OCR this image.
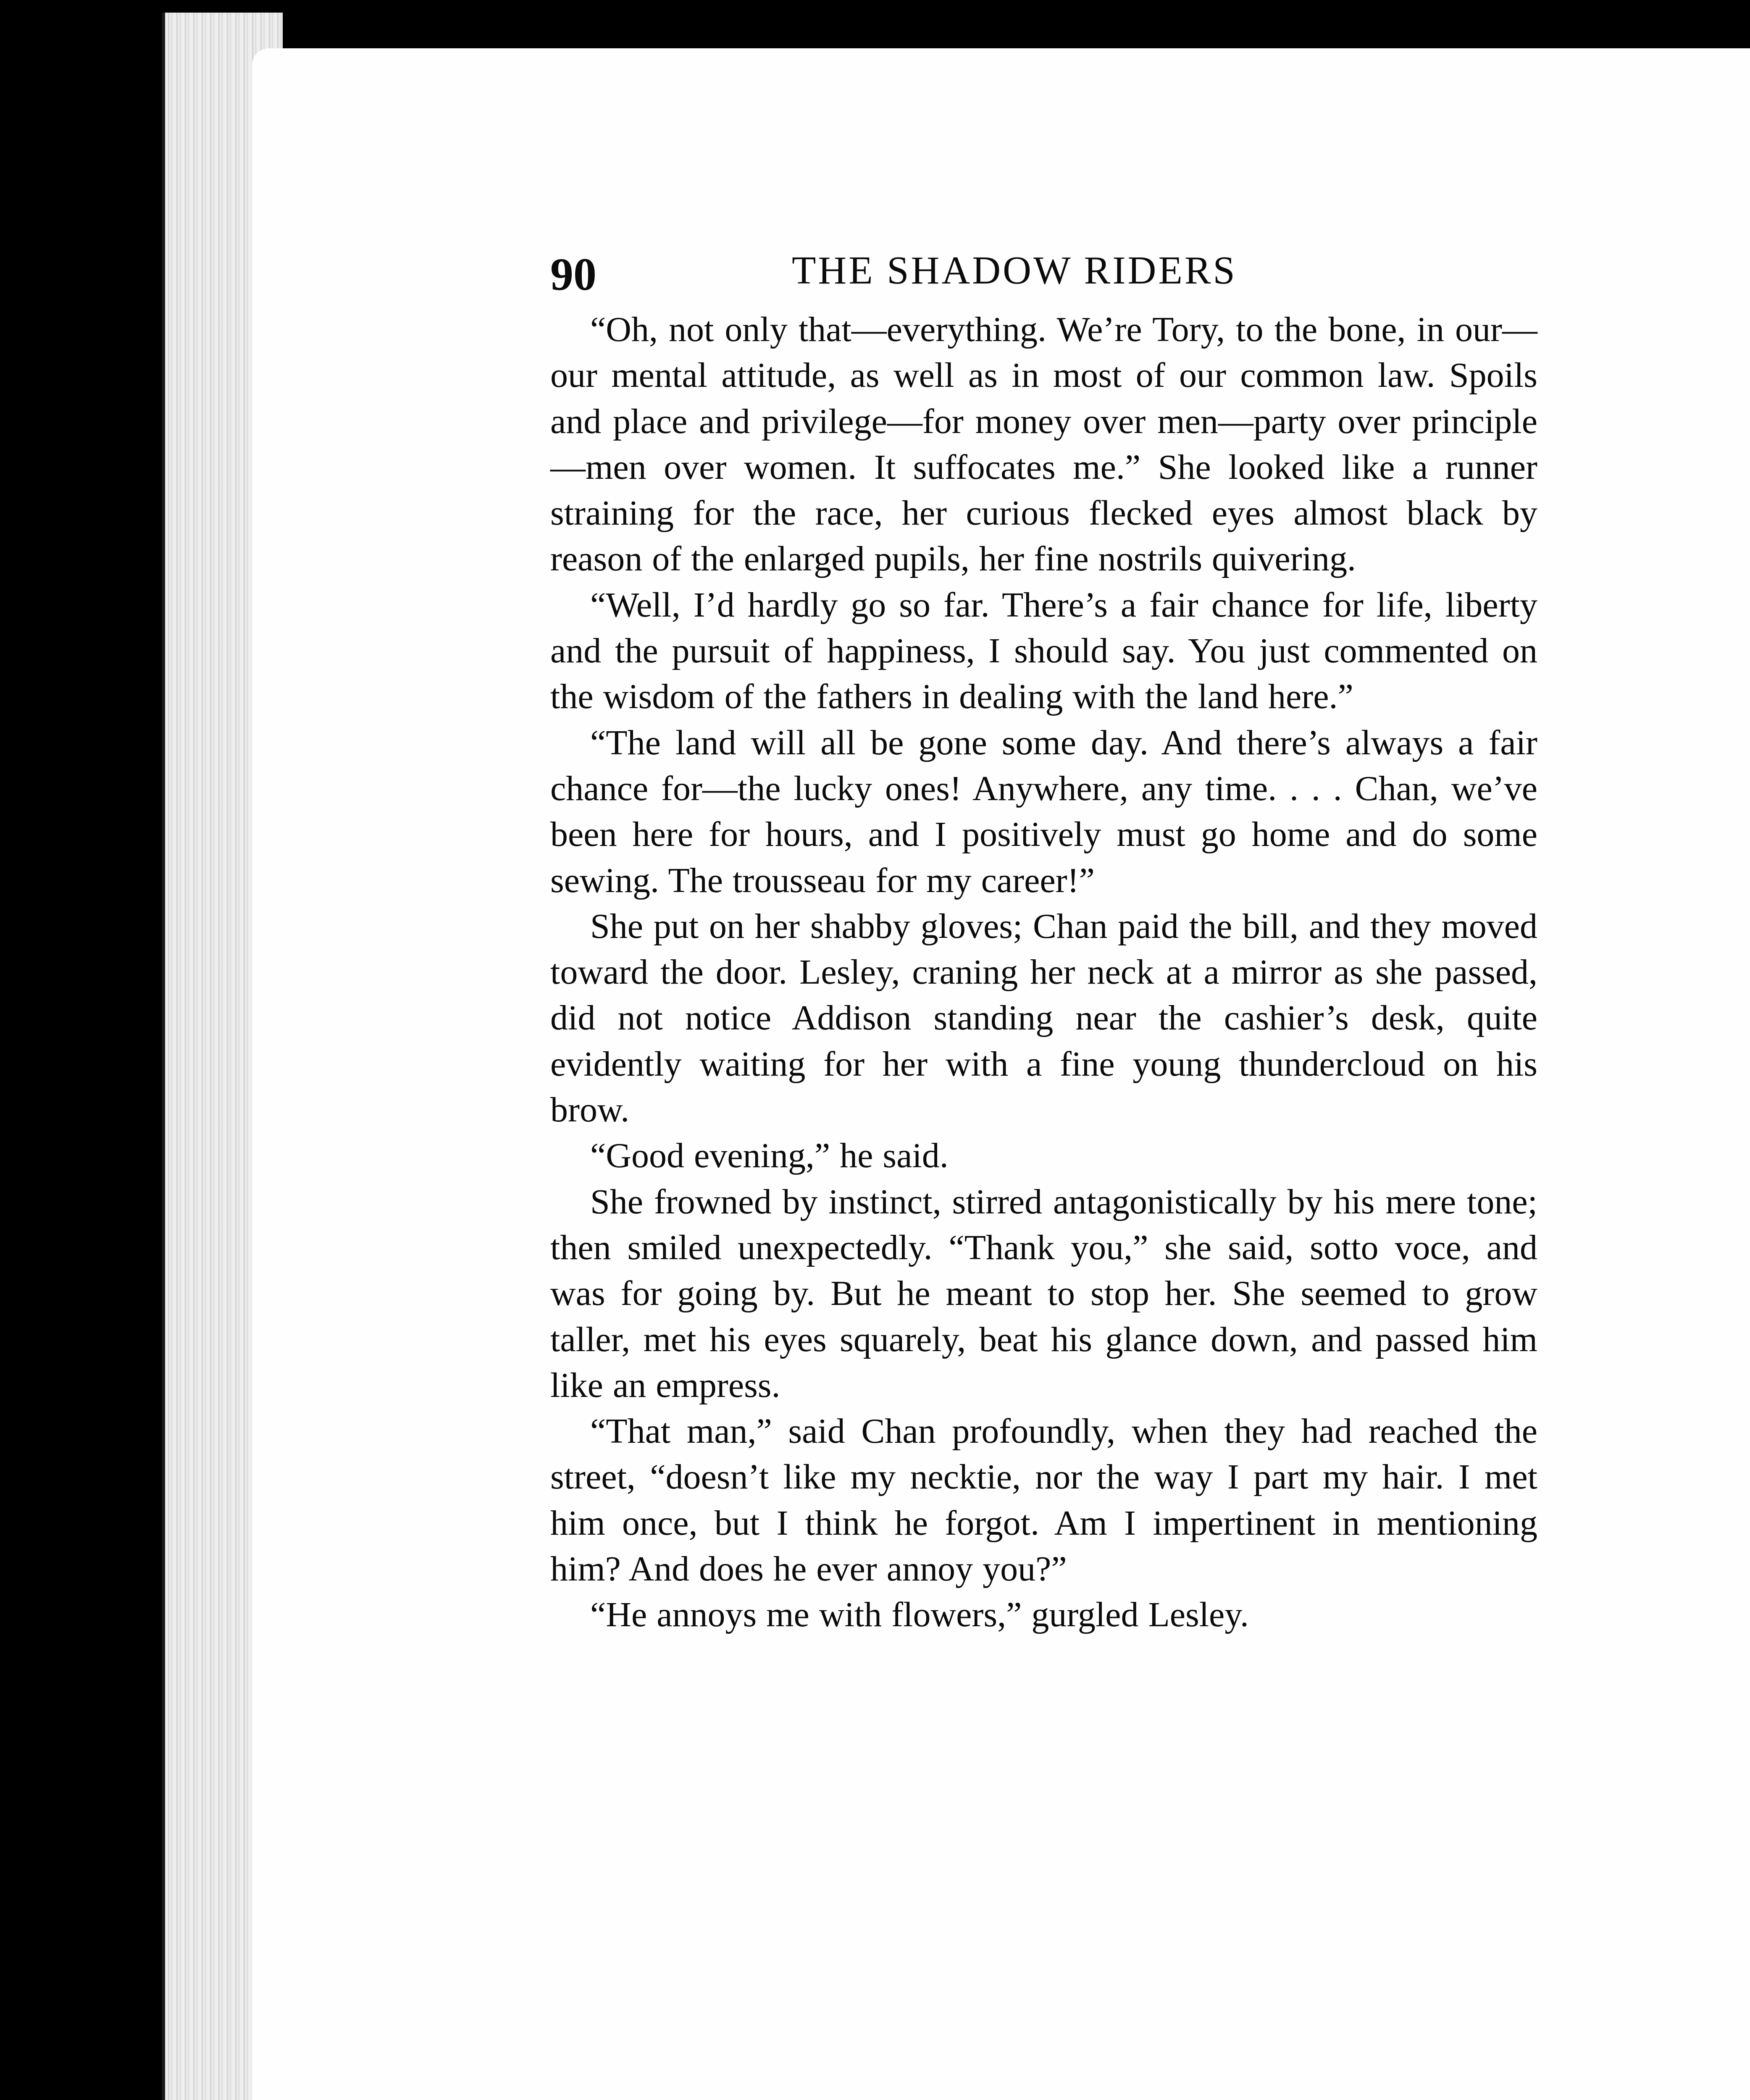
90	THE SHADOW RIDERS

“Oh, not only that—everything. We’re Tory, to the bone, in our—our mental attitude, as well as in most of our common law. Spoils and place and privilege—for money over men—party over principle—men over women. It suffocates me.” She looked like a runner straining for the race, her curious flecked eyes almost black by reason of the enlarged pupils, her fine nostrils quivering.

“Well, I’d hardly go so far. There’s a fair chance for life, liberty and the pursuit of happiness, I should say. You just commented on the wisdom of the fathers in dealing with the land here.”

“The land will all be gone some day. And there’s always a fair chance for—the lucky ones! Anywhere, any time. . . . Chan, we’ve been here for hours, and I positively must go home and do some sewing. The trousseau for my career!”

She put on her shabby gloves; Chan paid the bill, and they moved toward the door. Lesley, craning her neck at a mirror as she passed, did not notice Addison standing near the cashier’s desk, quite evidently waiting for her with a fine young thundercloud on his brow.

“Good evening,” he said.

She frowned by instinct, stirred antagonistically by his mere tone; then smiled unexpectedly. “Thank you,” she said, sotto voce, and was for going by. But he meant to stop her. She seemed to grow taller, met his eyes squarely, beat his glance down, and passed him like an empress.

“That man,” said Chan profoundly, when they had reached the street, “doesn’t like my necktie, nor the way I part my hair. I met him once, but I think he forgot. Am I impertinent in mentioning him? And does he ever annoy you?”

“He annoys me with flowers,” gurgled Lesley.
